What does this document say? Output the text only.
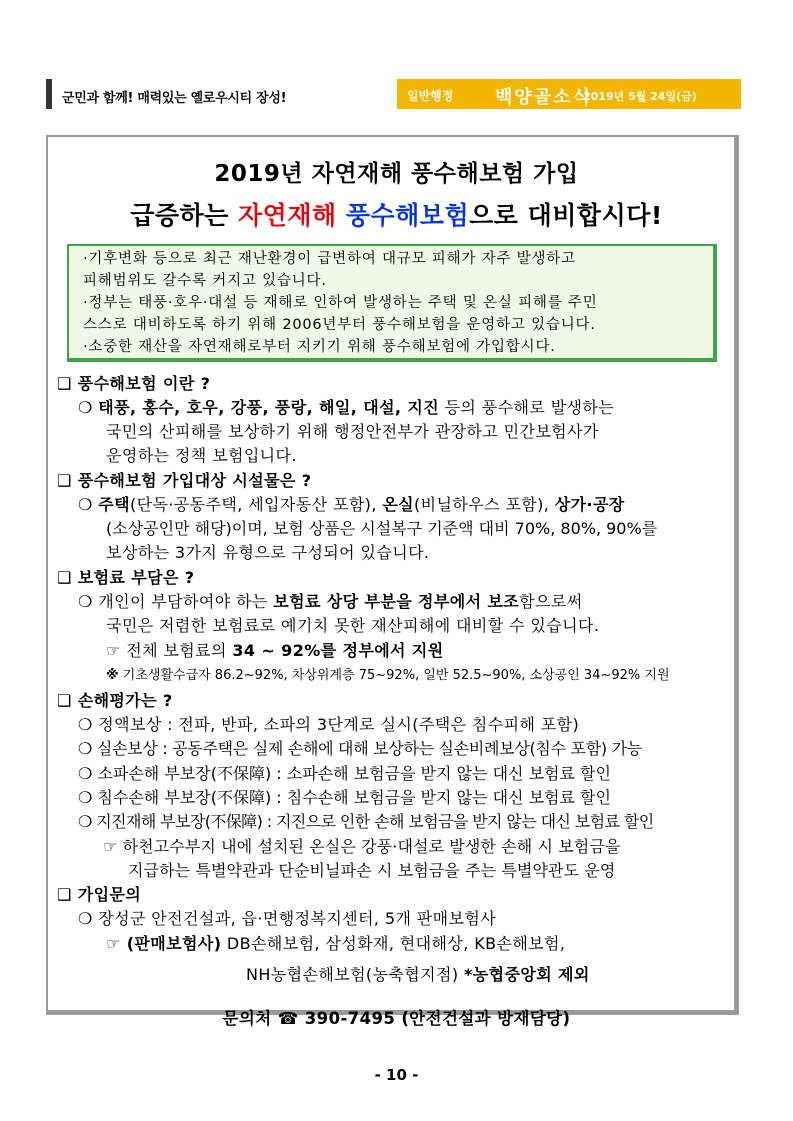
군민과 함께! 매력있는 옐로우시티 장성!	일반행정 백양골소식
2019년 5월 24일(금)
2019년 자연재해 풍수해보험 가입
급증하는 자연재해 풍수해보험으로 대비합시다!
·기후변화 등으로 최근 재난환경이 급변하여 대규모 피해가 자주 발생하고
피해범위도 갈수록 커지고 있습니다.
·정부는 태풍·호우·대설 등 재해로 인하여 발생하는 주택 및 온실 피해를 주민
스스로 대비하도록 하기 위해 2006년부터 풍수해보험을 운영하고 있습니다.
·소중한 재산을 자연재해로부터 지키기 위해 풍수해보험에 가입합시다.
❑ 풍수해보험 이란 ?
❍ 태풍, 홍수, 호우, 강풍, 풍랑, 해일, 대설, 지진 등의 풍수해로 발생하는
국민의 산피해를 보상하기 위해 행정안전부가 관장하고 민간보험사가
운영하는 정책 보험입니다.
❑ 풍수해보험 가입대상 시설물은 ?
❍ 주택(단독·공동주택, 세입자동산 포함), 온실(비닐하우스 포함), 상가·공장
(소상공인만 해당)이며, 보험 상품은 시설복구 기준액 대비 70%, 80%, 90%를
보상하는 3가지 유형으로 구성되어 있습니다.
❑ 보험료 부담은 ?
❍ 개인이 부담하여야 하는 보험료 상당 부분을 정부에서 보조함으로써
국민은 저렴한 보험료로 예기치 못한 재산피해에 대비할 수 있습니다.
☞ 전체 보험료의 34 ~ 92%를 정부에서 지원
※ 기초생활수급자 86.2~92%, 차상위계층 75~92%, 일반 52.5~90%, 소상공인 34~92% 지원
❑ 손해평가는 ?
❍ 정액보상 : 전파, 반파, 소파의 3단계로 실시(주택은 침수피해 포함)
❍ 실손보상 : 공동주택은 실제 손해에 대해 보상하는 실손비례보상(침수 포함) 가능
❍ 소파손해 부보장(不保障) : 소파손해 보험금을 받지 않는 대신 보험료 할인
❍ 침수손해 부보장(不保障) : 침수손해 보험금을 받지 않는 대신 보험료 할인
❍ 지진재해 부보장(不保障) : 지진으로 인한 손해 보험금을 받지 않는 대신 보험료 할인
☞ 하천고수부지 내에 설치된 온실은 강풍·대설로 발생한 손해 시 보험금을
지급하는 특별약관과 단순비닐파손 시 보험금을 주는 특별약관도 운영
❑ 가입문의
❍ 장성군 안전건설과, 읍·면행정복지센터, 5개 판매보험사
☞ (판매보험사) DB손해보험, 삼성화재, 현대해상, KB손해보험,
NH농협손해보험(농축협지점) *농협중앙회 제외
문의처 ☎ 390-7495 (안전건설과 방재담당)
- 10 -
